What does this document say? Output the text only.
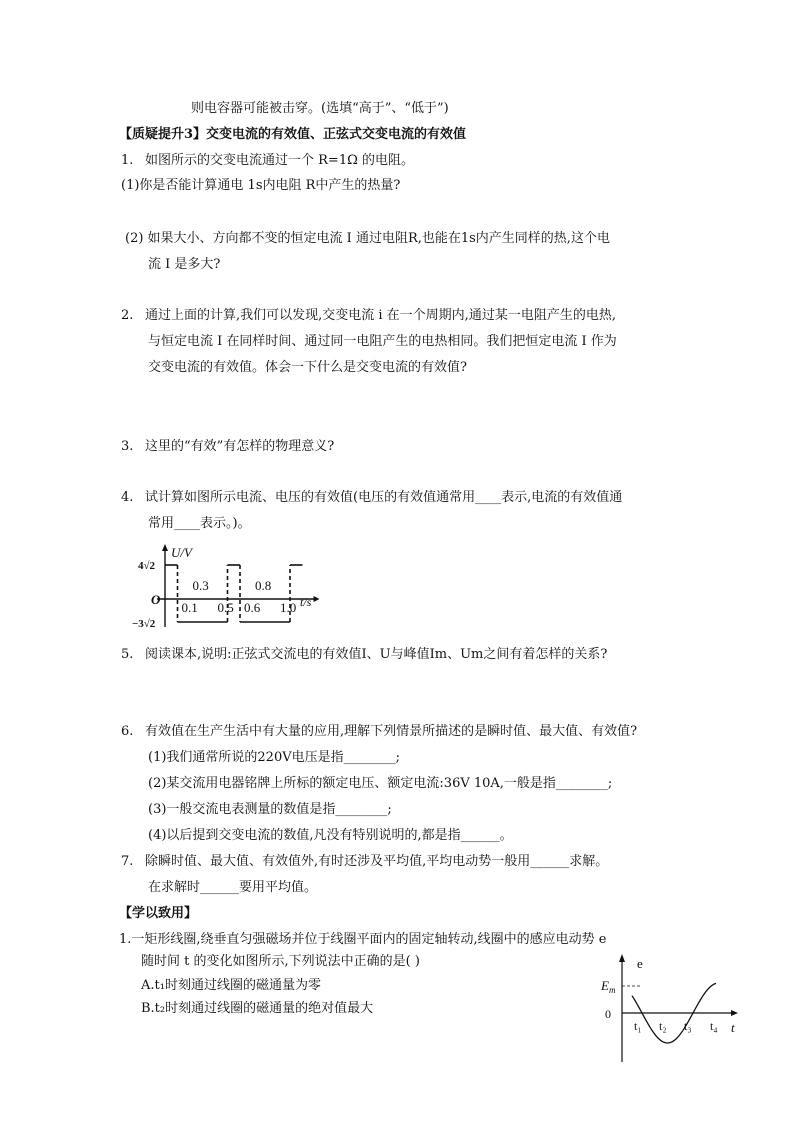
则电容器可能被击穿。(选填“高于”、“低于”)
【质疑提升3】交变电流的有效值、正弦式交变电流的有效值
1. 如图所示的交变电流通过一个 R=1Ω 的电阻。
(1)你是否能计算通电 1s内电阻 R中产生的热量?
(2) 如果大小、方向都不变的恒定电流 I 通过电阻R,也能在1s内产生同样的热,这个电
流 I 是多大?
2. 通过上面的计算,我们可以发现,交变电流 i 在一个周期内,通过某一电阻产生的电热,
与恒定电流 I 在同样时间、通过同一电阻产生的电热相同。我们把恒定电流 I 作为
交变电流的有效值。体会一下什么是交变电流的有效值?
3. 这里的“有效”有怎样的物理意义?
4. 试计算如图所示电流、电压的有效值(电压的有效值通常用____表示,电流的有效值通
常用____表示。)。
U/V
t/s
O
4√2
−3√2
0.1
0.3
0.5 0.6
0.8
1.0
5. 阅读课本,说明:正弦式交流电的有效值I、U与峰值Im、Um之间有着怎样的关系?
6. 有效值在生产生活中有大量的应用,理解下列情景所描述的是瞬时值、最大值、有效值?
(1)我们通常所说的220V电压是指________;
(2)某交流用电器铭牌上所标的额定电压、额定电流:36V 10A,一般是指________;
(3)一般交流电表测量的数值是指________;
(4)以后提到交变电流的数值,凡没有特别说明的,都是指______。
7. 除瞬时值、最大值、有效值外,有时还涉及平均值,平均电动势一般用______求解。
在求解时______要用平均值。
【学以致用】
1.一矩形线圈,绕垂直匀强磁场并位于线圈平面内的固定轴转动,线圈中的感应电动势 e
随时间 t 的变化如图所示,下列说法中正确的是( )
A.t₁时刻通过线圈的磁通量为零
B.t₂时刻通过线圈的磁通量的绝对值最大
e
$E_m$
0
t
t₁ t₂ t₃ t₄
